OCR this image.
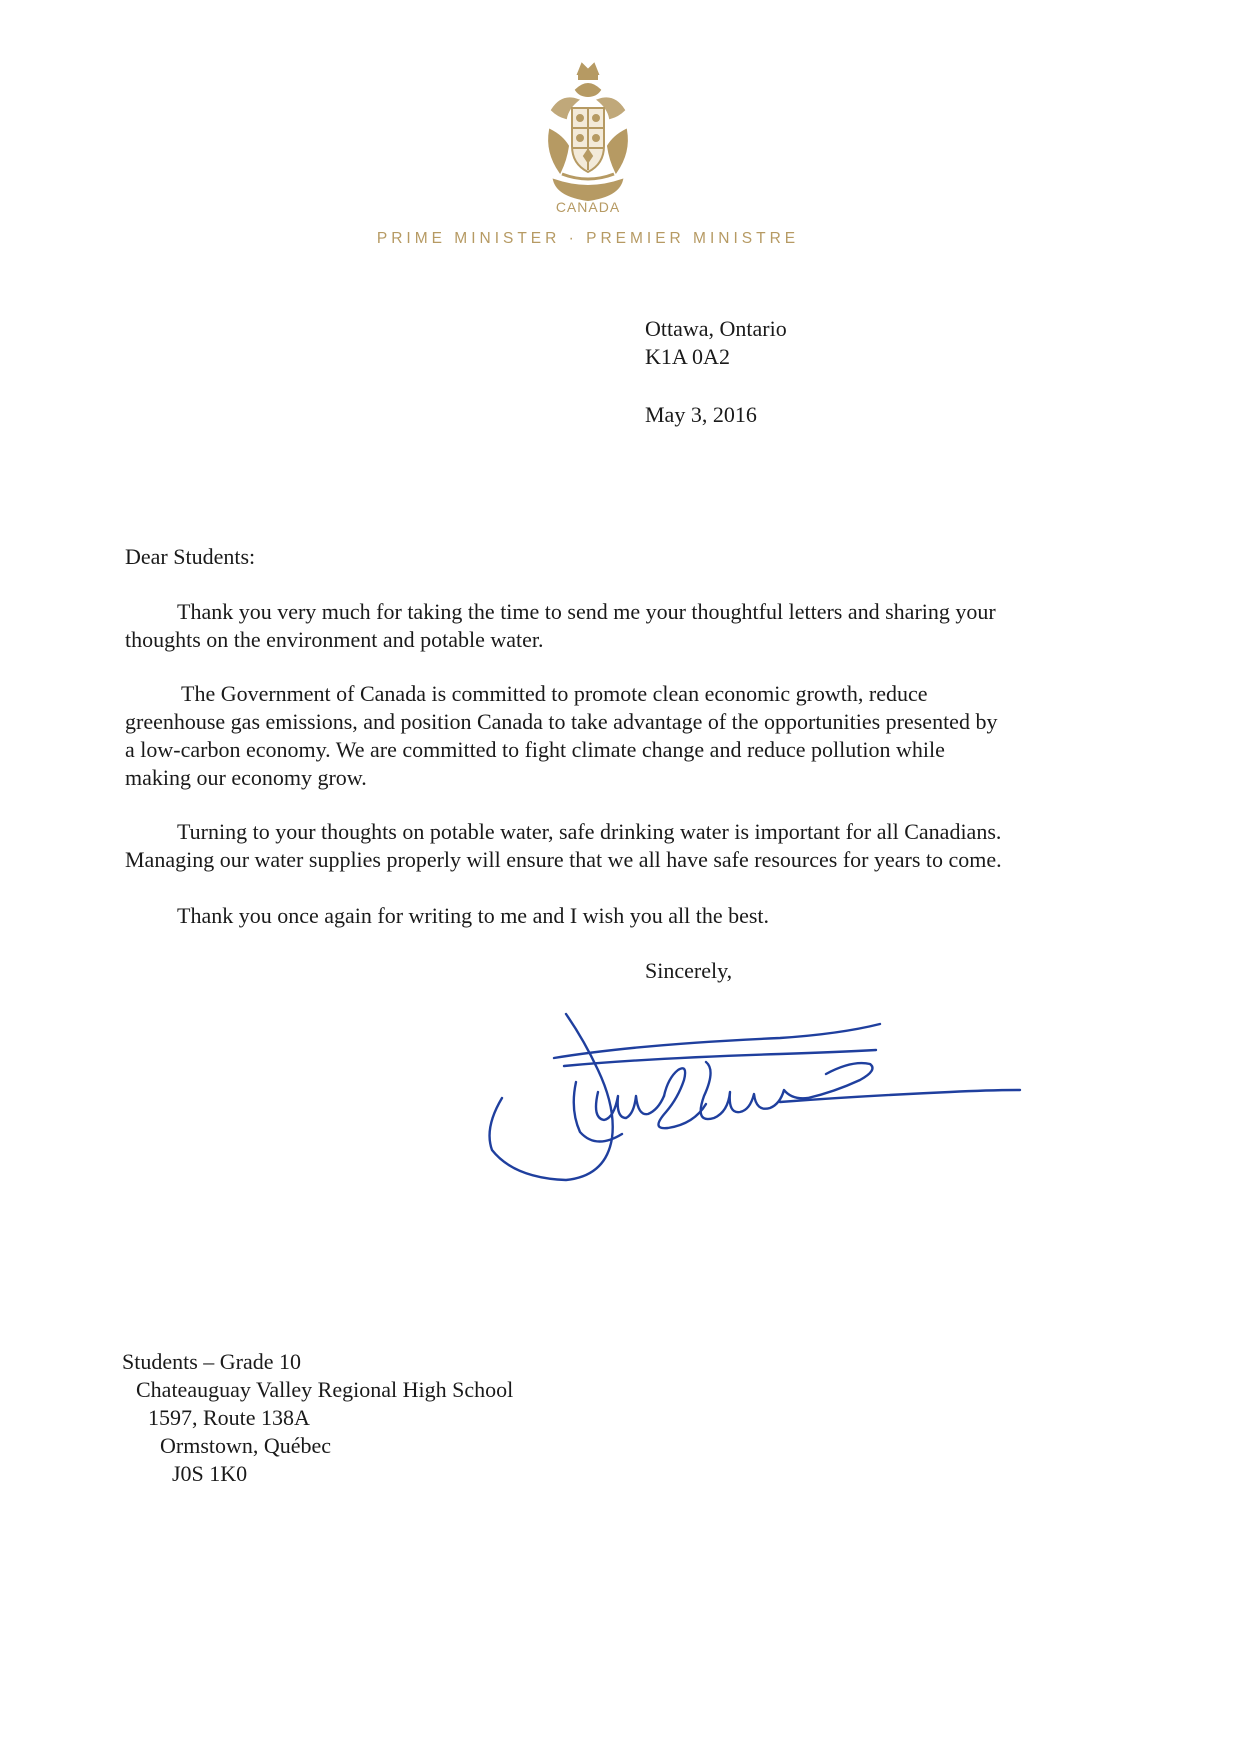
CANADA
PRIME MINISTER · PREMIER MINISTRE
Ottawa, Ontario
K1A 0A2
May 3, 2016
Dear Students:
Thank you very much for taking the time to send me your thoughtful letters and sharing your
thoughts on the environment and potable water.
The Government of Canada is committed to promote clean economic growth, reduce
greenhouse gas emissions, and position Canada to take advantage of the opportunities presented by
a low-carbon economy. We are committed to fight climate change and reduce pollution while
making our economy grow.
Turning to your thoughts on potable water, safe drinking water is important for all Canadians.
Managing our water supplies properly will ensure that we all have safe resources for years to come.
Thank you once again for writing to me and I wish you all the best.
Sincerely,
Students – Grade 10
Chateauguay Valley Regional High School
1597, Route 138A
Ormstown, Québec
J0S 1K0
